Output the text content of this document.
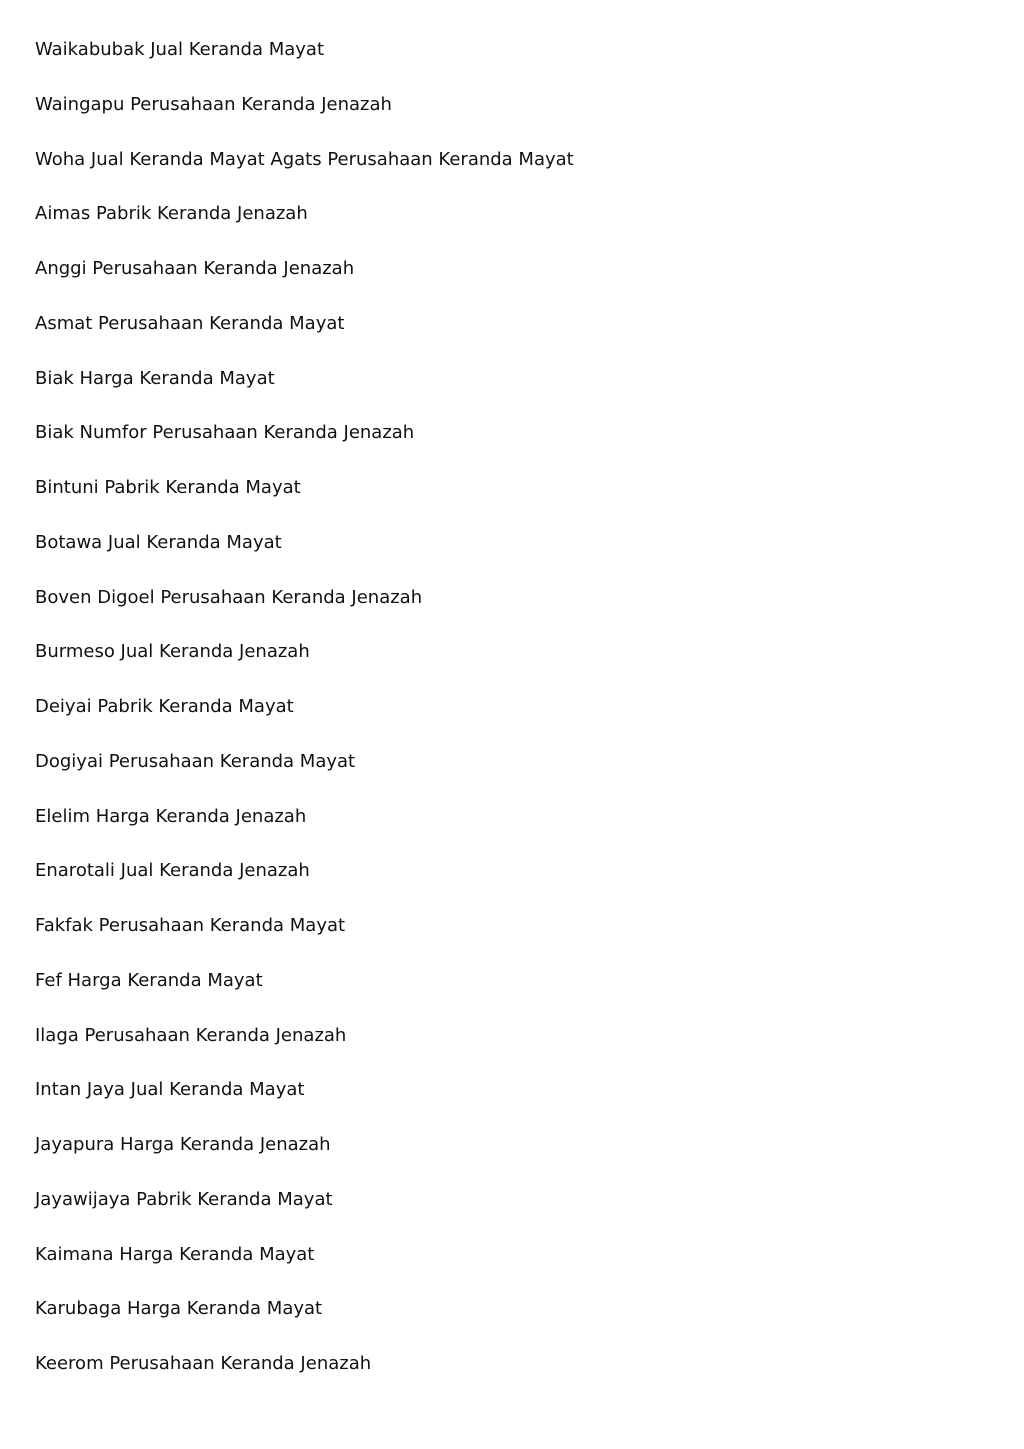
Waikabubak Jual Keranda Mayat
Waingapu Perusahaan Keranda Jenazah
Woha Jual Keranda Mayat Agats Perusahaan Keranda Mayat
Aimas Pabrik Keranda Jenazah
Anggi Perusahaan Keranda Jenazah
Asmat Perusahaan Keranda Mayat
Biak Harga Keranda Mayat
Biak Numfor Perusahaan Keranda Jenazah
Bintuni Pabrik Keranda Mayat
Botawa Jual Keranda Mayat
Boven Digoel Perusahaan Keranda Jenazah
Burmeso Jual Keranda Jenazah
Deiyai Pabrik Keranda Mayat
Dogiyai Perusahaan Keranda Mayat
Elelim Harga Keranda Jenazah
Enarotali Jual Keranda Jenazah
Fakfak Perusahaan Keranda Mayat
Fef Harga Keranda Mayat
Ilaga Perusahaan Keranda Jenazah
Intan Jaya Jual Keranda Mayat
Jayapura Harga Keranda Jenazah
Jayawijaya Pabrik Keranda Mayat
Kaimana Harga Keranda Mayat
Karubaga Harga Keranda Mayat
Keerom Perusahaan Keranda Jenazah
